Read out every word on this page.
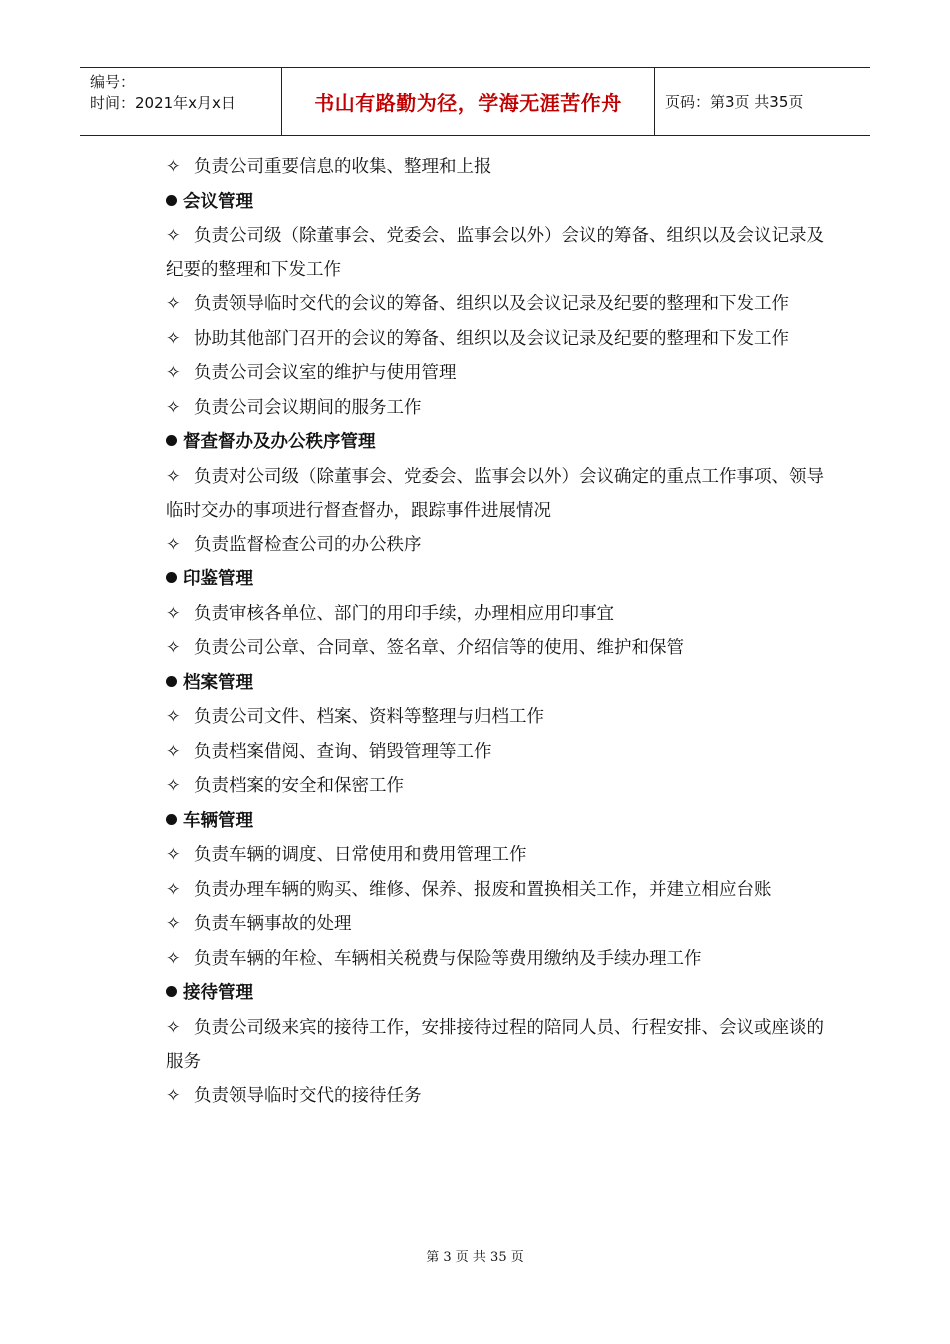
编号：
时间：2021年x月x日	书山有路勤为径，学海无涯苦作舟	页码：第3页 共35页

✧ 负责公司重要信息的收集、整理和上报

会议管理

✧ 负责公司级（除董事会、党委会、监事会以外）会议的筹备、组织以及会议记录及纪要的整理和下发工作

✧ 负责领导临时交代的会议的筹备、组织以及会议记录及纪要的整理和下发工作

✧ 协助其他部门召开的会议的筹备、组织以及会议记录及纪要的整理和下发工作

✧ 负责公司会议室的维护与使用管理

✧ 负责公司会议期间的服务工作

督查督办及办公秩序管理

✧ 负责对公司级（除董事会、党委会、监事会以外）会议确定的重点工作事项、领导临时交办的事项进行督查督办，跟踪事件进展情况

✧ 负责监督检查公司的办公秩序

印鉴管理

✧ 负责审核各单位、部门的用印手续，办理相应用印事宜

✧ 负责公司公章、合同章、签名章、介绍信等的使用、维护和保管

档案管理

✧ 负责公司文件、档案、资料等整理与归档工作

✧ 负责档案借阅、查询、销毁管理等工作

✧ 负责档案的安全和保密工作

车辆管理

✧ 负责车辆的调度、日常使用和费用管理工作

✧ 负责办理车辆的购买、维修、保养、报废和置换相关工作，并建立相应台账

✧ 负责车辆事故的处理

✧ 负责车辆的年检、车辆相关税费与保险等费用缴纳及手续办理工作

接待管理

✧ 负责公司级来宾的接待工作，安排接待过程的陪同人员、行程安排、会议或座谈的服务

✧ 负责领导临时交代的接待任务

第 3 页 共 35 页
